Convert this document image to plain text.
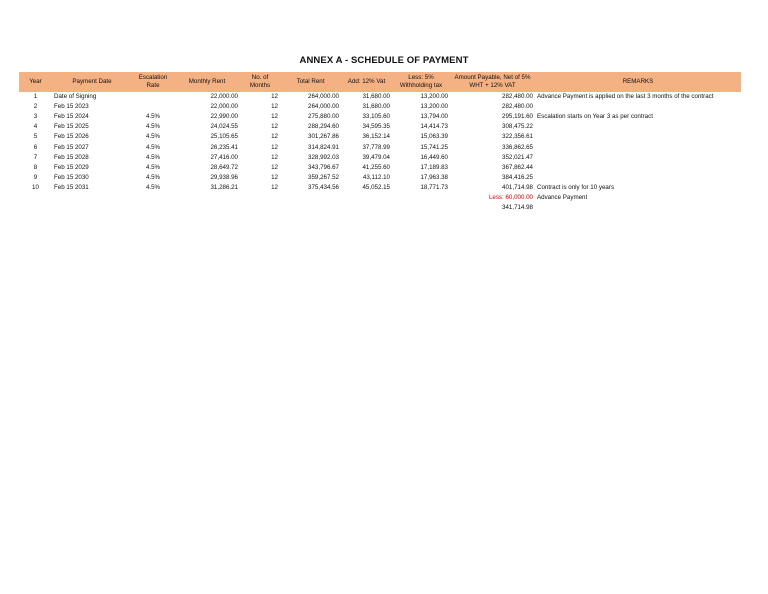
ANNEX A - SCHEDULE OF PAYMENT
Year	Payment Date	Escalation Rate	Monthly Rent	No. of Months	Total Rent	Add: 12% Vat	Less: 5% Withholding tax	Amount Payable, Net of 5% WHT + 12% VAT	REMARKS
1	Date of Signing		22,000.00	12	264,000.00	31,680.00	13,200.00	282,480.00	Advance Payment is applied on the last 3 months of the contract
2	Feb 15 2023		22,000.00	12	264,000.00	31,680.00	13,200.00	282,480.00	
3	Feb 15 2024	4.5%	22,990.00	12	275,880.00	33,105.60	13,794.00	295,191.60	Escalation starts on Year 3 as per contract
4	Feb 15 2025	4.5%	24,024.55	12	288,294.60	34,595.35	14,414.73	308,475.22	
5	Feb 15 2026	4.5%	25,105.65	12	301,267.86	36,152.14	15,063.39	322,356.61	
6	Feb 15 2027	4.5%	26,235.41	12	314,824.91	37,778.99	15,741.25	336,862.65	
7	Feb 15 2028	4.5%	27,416.00	12	328,992.03	39,479.04	16,449.60	352,021.47	
8	Feb 15 2029	4.5%	28,649.72	12	343,796.67	41,255.60	17,189.83	367,862.44	
9	Feb 15 2030	4.5%	29,938.96	12	359,267.52	43,112.10	17,963.38	384,416.25	
10	Feb 15 2031	4.5%	31,286.21	12	375,434.56	45,052.15	18,771.73	401,714.98	Contract is only for 10 years
								Less: 60,000.00	Advance Payment
								341,714.98	
